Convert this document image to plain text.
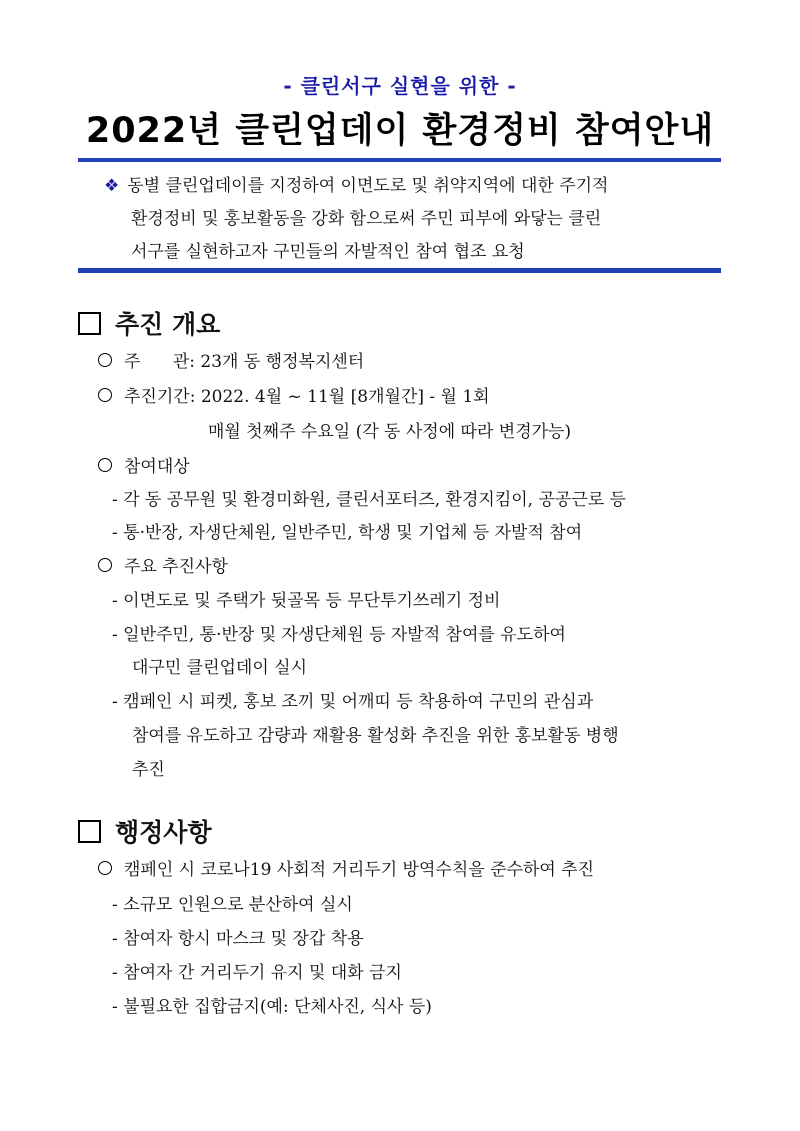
- 클린서구 실현을 위한 -
2022년 클린업데이 환경정비 참여안내
❖ 동별 클린업데이를 지정하여 이면도로 및 취약지역에 대한 주기적
환경정비 및 홍보활동을 강화 함으로써 주민 피부에 와닿는 클린
서구를 실현하고자 구민들의 자발적인 참여 협조 요청
추진 개요
주      관: 23개 동 행정복지센터
추진기간: 2022. 4월 ~ 11월 [8개월간] - 월 1회
매월 첫째주 수요일 (각 동 사정에 따라 변경가능)
참여대상
- 각 동 공무원 및 환경미화원, 클린서포터즈, 환경지킴이, 공공근로 등
- 통·반장, 자생단체원, 일반주민, 학생 및 기업체 등 자발적 참여
주요 추진사항
- 이면도로 및 주택가 뒷골목 등 무단투기쓰레기 정비
- 일반주민, 통·반장 및 자생단체원 등 자발적 참여를 유도하여
대구민 클린업데이 실시
- 캠페인 시 피켓, 홍보 조끼 및 어깨띠 등 착용하여 구민의 관심과
참여를 유도하고 감량과 재활용 활성화 추진을 위한 홍보활동 병행
추진
행정사항
캠페인 시 코로나19 사회적 거리두기 방역수칙을 준수하여 추진
- 소규모 인원으로 분산하여 실시
- 참여자 항시 마스크 및 장갑 착용
- 참여자 간 거리두기 유지 및 대화 금지
- 불필요한 집합금지(예: 단체사진, 식사 등)
